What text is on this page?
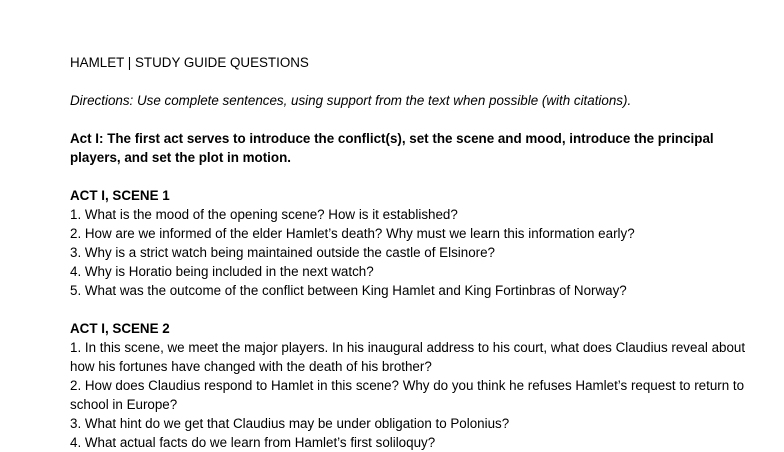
HAMLET | STUDY GUIDE QUESTIONS
Directions: Use complete sentences, using support from the text when possible (with citations).
Act I: The first act serves to introduce the conflict(s), set the scene and mood, introduce the principal players, and set the plot in motion.
ACT I, SCENE 1
1. What is the mood of the opening scene? How is it established?
2. How are we informed of the elder Hamlet’s death? Why must we learn this information early?
3. Why is a strict watch being maintained outside the castle of Elsinore?
4. Why is Horatio being included in the next watch?
5. What was the outcome of the conflict between King Hamlet and King Fortinbras of Norway?
ACT I, SCENE 2
1. In this scene, we meet the major players. In his inaugural address to his court, what does Claudius reveal about how his fortunes have changed with the death of his brother?
2. How does Claudius respond to Hamlet in this scene? Why do you think he refuses Hamlet’s request to return to school in Europe?
3. What hint do we get that Claudius may be under obligation to Polonius?
4. What actual facts do we learn from Hamlet’s first soliloquy?
